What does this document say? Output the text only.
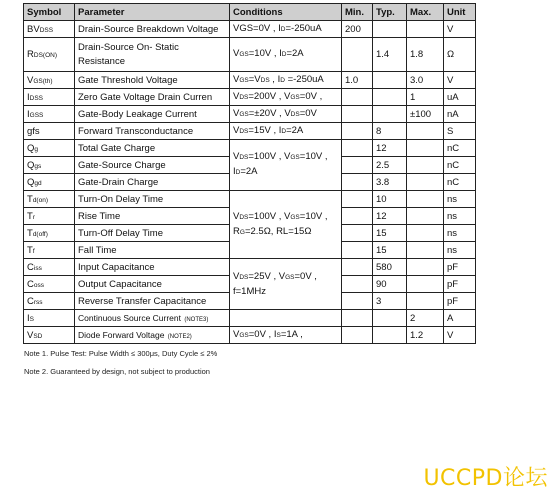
Symbol	Parameter	Conditions	Min.	Typ.	Max.	Unit
BVDSS	Drain-Source Breakdown Voltage	VGS=0V , ID=-250uA	200			V
RDS(ON)	Drain-Source On- Static Resistance	VGS=10V , ID=2A		1.4	1.8	Ω
VGS(th)	Gate Threshold Voltage	VGS=VDS , ID =-250uA	1.0		3.0	V
IDSS	Zero Gate Voltage Drain Curren	VDS=200V , VGS=0V ,			1	uA
IGSS	Gate-Body Leakage Current	VGS=±20V , VDS=0V			±100	nA
gfs	Forward Transconductance	VDS=15V , ID=2A		8		S
Qg	Total Gate Charge	VDS=100V , VGS=10V , ID=2A		12		nC
Qgs	Gate-Source Charge			2.5		nC
Qgd	Gate-Drain Charge			3.8		nC
Td(on)	Turn-On Delay Time	VDS=100V , VGS=10V , RG=2.5Ω, RL=15Ω		10		ns
Tr	Rise Time			12		ns
Td(off)	Turn-Off Delay Time			15		ns
Tf	Fall Time			15		ns
Ciss	Input Capacitance	VDS=25V , VGS=0V , f=1MHz		580		pF
Coss	Output Capacitance			90		pF
Crss	Reverse Transfer Capacitance			3		pF
IS	Continuous Source Current  (NOTE3)				2	A
VSD	Diode Forward Voltage  (NOTE2)	VGS=0V , IS=1A ,			1.2	V
Note 1. Pulse Test: Pulse Width ≤ 300μs, Duty Cycle ≤ 2%
Note 2. Guaranteed by design, not subject to production
UCCPD论坛
